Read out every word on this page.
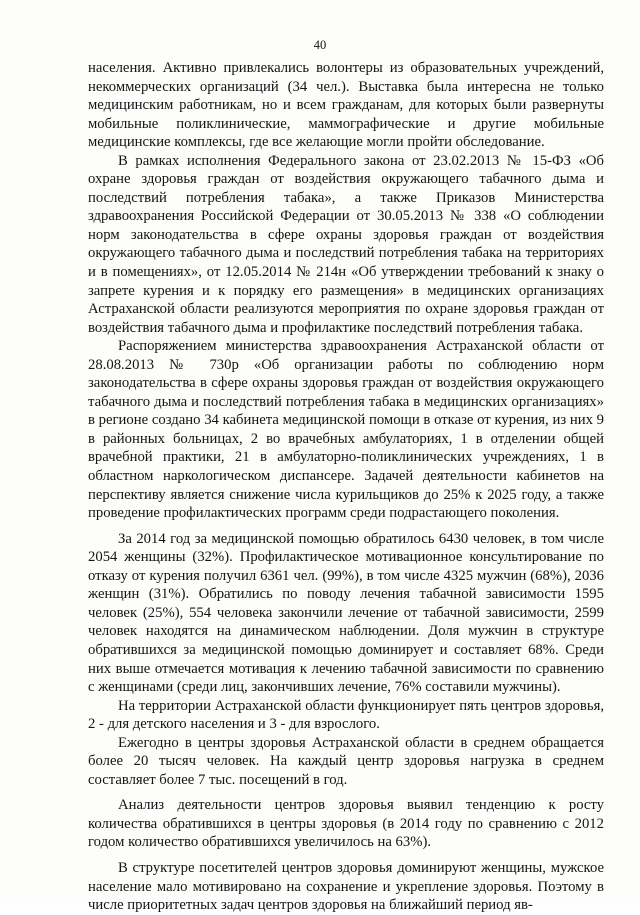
40

населения. Активно привлекались волонтеры из образовательных учреждений, некоммерческих организаций (34 чел.). Выставка была интересна не только медицинским работникам, но и всем гражданам, для которых были развернуты мобильные поликлинические, маммографические и другие мобильные медицинские комплексы, где все желающие могли пройти обследование.

В рамках исполнения Федерального закона от 23.02.2013 № 15-ФЗ «Об охране здоровья граждан от воздействия окружающего табачного дыма и последствий потребления табака», а также Приказов Министерства здравоохранения Российской Федерации от 30.05.2013 № 338 «О соблюдении норм законодательства в сфере охраны здоровья граждан от воздействия окружающего табачного дыма и последствий потребления табака на территориях и в помещениях», от 12.05.2014 № 214н «Об утверждении требований к знаку о запрете курения и к порядку его размещения» в медицинских организациях Астраханской области реализуются мероприятия по охране здоровья граждан от воздействия табачного дыма и профилактике последствий потребления табака.

Распоряжением министерства здравоохранения Астраханской области от 28.08.2013 № 730р «Об организации работы по соблюдению норм законодательства в сфере охраны здоровья граждан от воздействия окружающего табачного дыма и последствий потребления табака в медицинских организациях» в регионе создано 34 кабинета медицинской помощи в отказе от курения, из них 9 в районных больницах, 2 во врачебных амбулаториях, 1 в отделении общей врачебной практики, 21 в амбулаторно-поликлинических учреждениях, 1 в областном наркологическом диспансере. Задачей деятельности кабинетов на перспективу является снижение числа курильщиков до 25% к 2025 году, а также проведение профилактических программ среди подрастающего поколения.

За 2014 год за медицинской помощью обратилось 6430 человек, в том числе 2054 женщины (32%). Профилактическое мотивационное консультирование по отказу от курения получил 6361 чел. (99%), в том числе 4325 мужчин (68%), 2036 женщин (31%). Обратились по поводу лечения табачной зависимости 1595 человек (25%), 554 человека закончили лечение от табачной зависимости, 2599 человек находятся на динамическом наблюдении. Доля мужчин в структуре обратившихся за медицинской помощью доминирует и составляет 68%. Среди них выше отмечается мотивация к лечению табачной зависимости по сравнению с женщинами (среди лиц, закончивших лечение, 76% составили мужчины).

На территории Астраханской области функционирует пять центров здоровья, 2 - для детского населения и 3 - для взрослого.

Ежегодно в центры здоровья Астраханской области в среднем обращается более 20 тысяч человек. На каждый центр здоровья нагрузка в среднем составляет более 7 тыс. посещений в год.

Анализ деятельности центров здоровья выявил тенденцию к росту количества обратившихся в центры здоровья (в 2014 году по сравнению с 2012 годом количество обратившихся увеличилось на 63%).

В структуре посетителей центров здоровья доминируют женщины, мужское население мало мотивировано на сохранение и укрепление здоровья. Поэтому в числе приоритетных задач центров здоровья на ближайший период яв-
